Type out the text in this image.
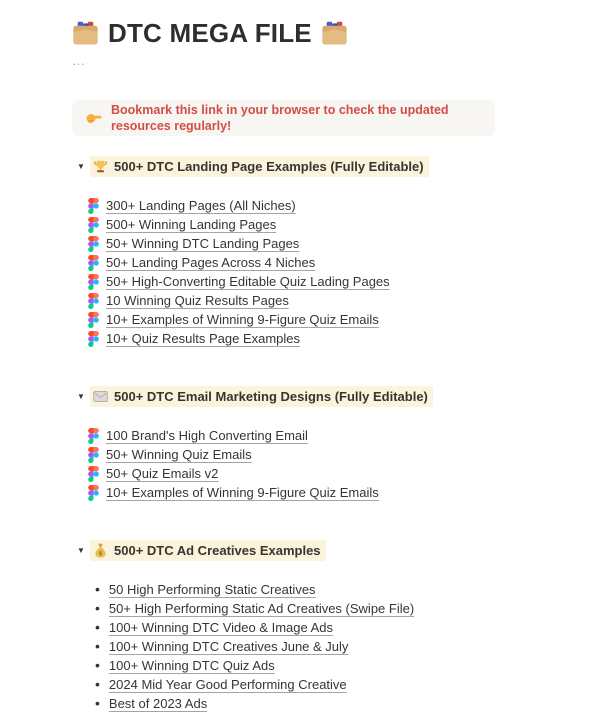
DTC MEGA FILE
…
Bookmark this link in your browser to check the updated resources regularly!
▼	500+ DTC Landing Page Examples (Fully Editable)
300+ Landing Pages (All Niches)
500+ Winning Landing Pages
50+ Winning DTC Landing Pages
50+ Landing Pages Across 4 Niches
50+ High-Converting Editable Quiz Lading Pages
10 Winning Quiz Results Pages
10+ Examples of Winning 9-Figure Quiz Emails
10+ Quiz Results Page Examples
▼	500+ DTC Email Marketing Designs (Fully Editable)
100 Brand's High Converting Email
50+ Winning Quiz Emails
50+ Quiz Emails v2
10+ Examples of Winning 9-Figure Quiz Emails
▼	$ 500+ DTC Ad Creatives Examples
• 50 High Performing Static Creatives
• 50+ High Performing Static Ad Creatives (Swipe File)
• 100+ Winning DTC Video & Image Ads
• 100+ Winning DTC Creatives June & July
• 100+ Winning DTC Quiz Ads
• 2024 Mid Year Good Performing Creative
• Best of 2023 Ads
